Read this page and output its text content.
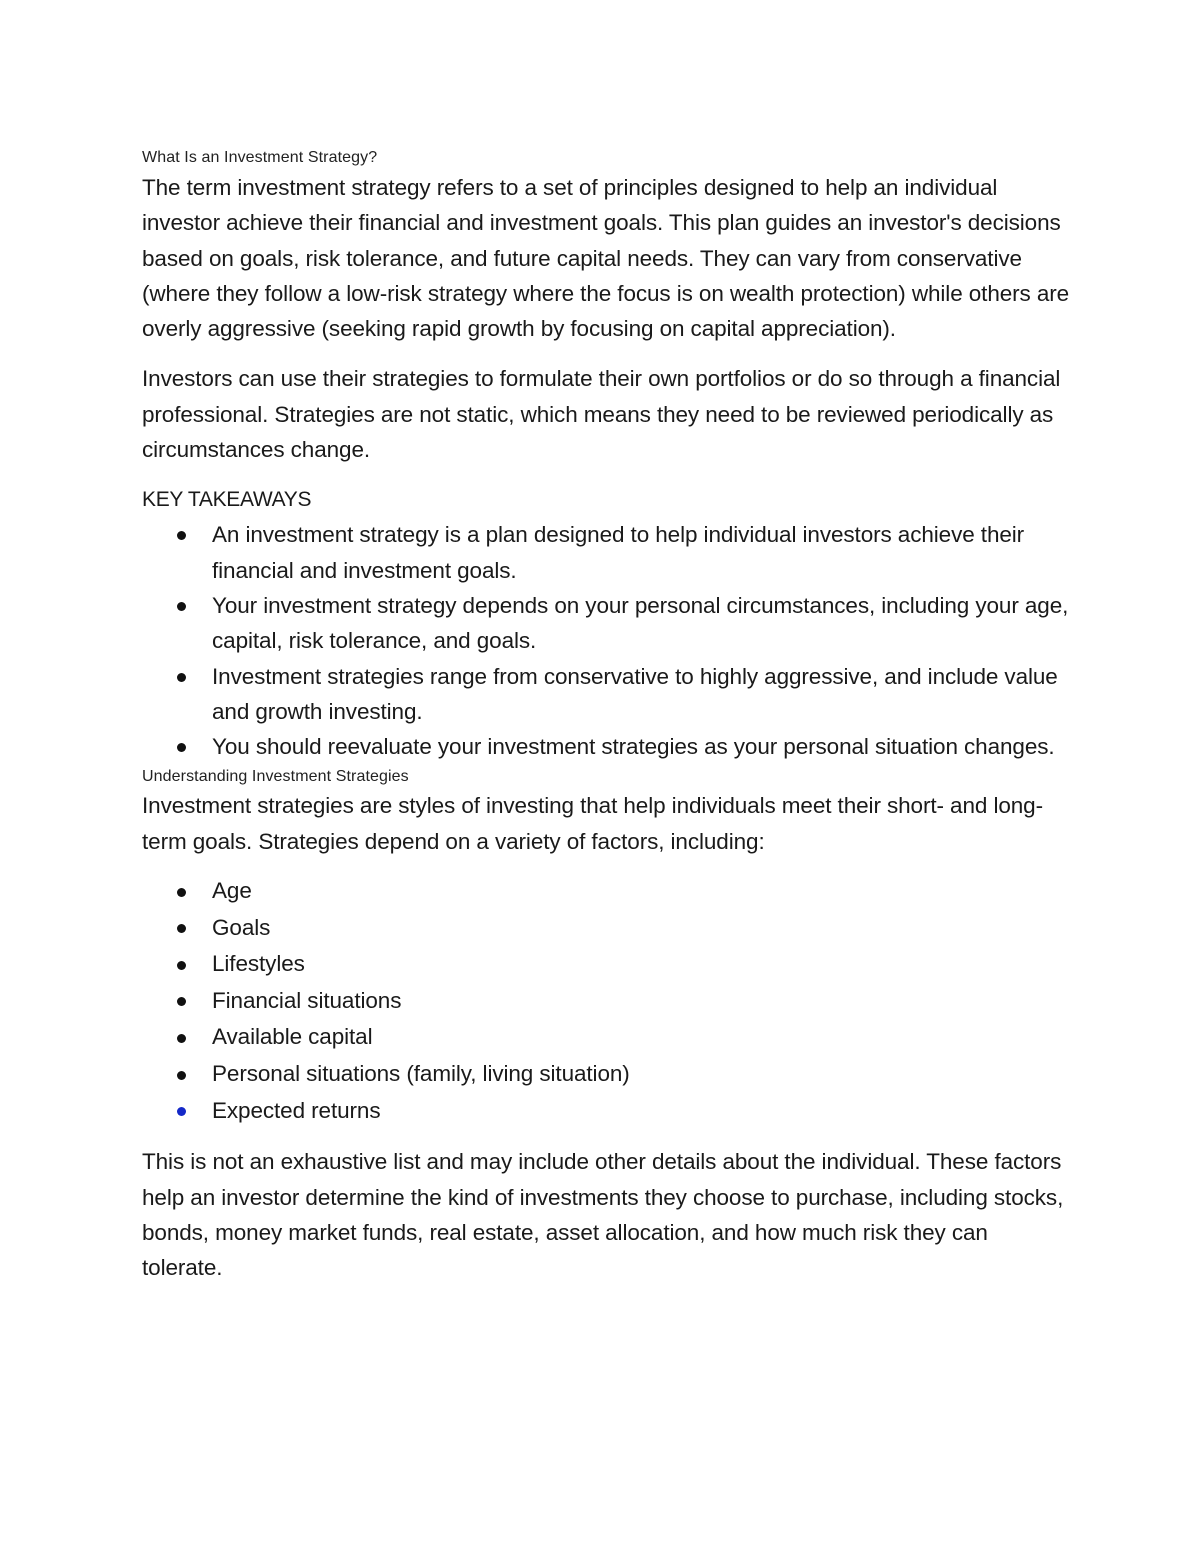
What Is an Investment Strategy?

The term investment strategy refers to a set of principles designed to help an individual investor achieve their financial and investment goals. This plan guides an investor's decisions based on goals, risk tolerance, and future capital needs. They can vary from conservative (where they follow a low-risk strategy where the focus is on wealth protection) while others are overly aggressive (seeking rapid growth by focusing on capital appreciation).

Investors can use their strategies to formulate their own portfolios or do so through a financial professional. Strategies are not static, which means they need to be reviewed periodically as circumstances change.

KEY TAKEAWAYS

An investment strategy is a plan designed to help individual investors achieve their financial and investment goals.
Your investment strategy depends on your personal circumstances, including your age, capital, risk tolerance, and goals.
Investment strategies range from conservative to highly aggressive, and include value and growth investing.
You should reevaluate your investment strategies as your personal situation changes.

Understanding Investment Strategies

Investment strategies are styles of investing that help individuals meet their short- and long-term goals. Strategies depend on a variety of factors, including:

Age
Goals
Lifestyles
Financial situations
Available capital
Personal situations (family, living situation)
Expected returns

This is not an exhaustive list and may include other details about the individual. These factors help an investor determine the kind of investments they choose to purchase, including stocks, bonds, money market funds, real estate, asset allocation, and how much risk they can tolerate.
